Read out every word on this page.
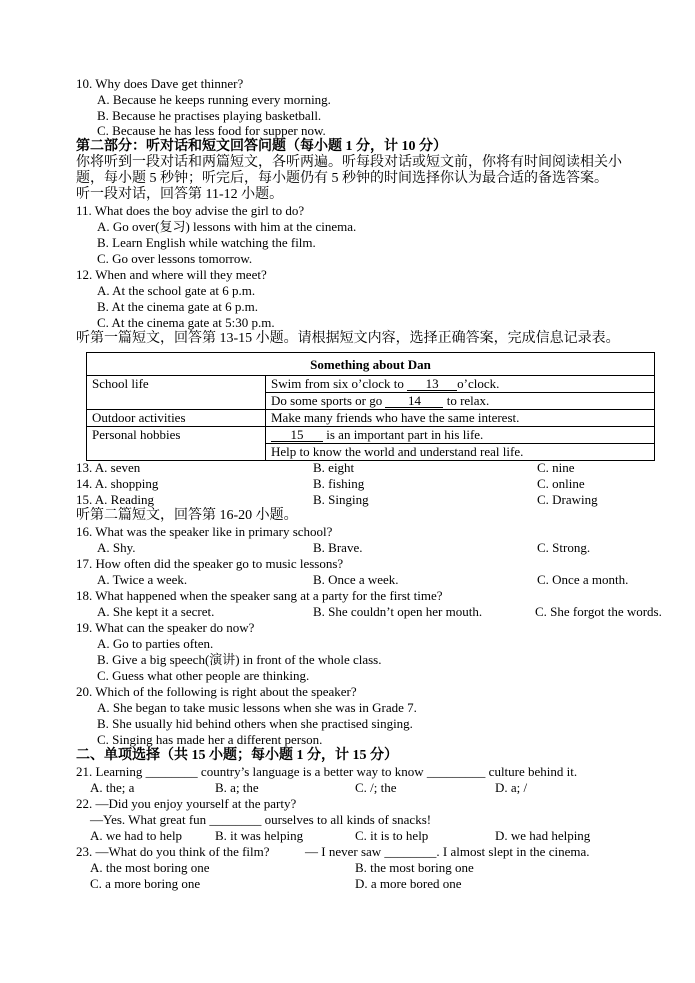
10. Why does Dave get thinner?
A. Because he keeps running every morning.
B. Because he practises playing basketball.
C. Because he has less food for supper now.
第二部分：听对话和短文回答问题（每小题 1 分，计 10 分）
你将听到一段对话和两篇短文，各听两遍。听每段对话或短文前，你将有时间阅读相关小
题，每小题 5 秒钟；听完后，每小题仍有 5 秒钟的时间选择你认为最合适的备选答案。
听一段对话，回答第 11-12 小题。
11. What does the boy advise the girl to do?
A. Go over(复习) lessons with him at the cinema.
B. Learn English while watching the film.
C. Go over lessons tomorrow.
12. When and where will they meet?
A. At the school gate at 6 p.m.
B. At the cinema gate at 6 p.m.
C. At the cinema gate at 5:30 p.m.
听第一篇短文，回答第 13-15 小题。请根据短文内容，选择正确答案，完成信息记录表。
Something about Dan	
School life	Swim from six o’clock to 13 o’clock.
	Do some sports or go 14 to relax.
Outdoor activities	Make many friends who have the same interest.
Personal hobbies	15 is an important part in his life.
	Help to know the world and understand real life.
13. A. seven	B. eight	C. nine
14. A. shopping	B. fishing	C. online
15. A. Reading	B. Singing	C. Drawing
听第二篇短文，回答第 16-20 小题。
16. What was the speaker like in primary school?
A. Shy.	B. Brave.	C. Strong.
17. How often did the speaker go to music lessons?
A. Twice a week.	B. Once a week.	C. Once a month.
18. What happened when the speaker sang at a party for the first time?
A. She kept it a secret.	B. She couldn’t open her mouth.	C. She forgot the words.
19. What can the speaker do now?
A. Go to parties often.
B. Give a big speech(演讲) in front of the whole class.
C. Guess what other people are thinking.
20. Which of the following is right about the speaker?
A. She began to take music lessons when she was in Grade 7.
B. She usually hid behind others when she practised singing.
C. Singing has made her a different person.
二、单项选择（共 15 小题；每小题 1 分，计 15 分）
21. Learning ________ country’s language is a better way to know _________ culture behind it.
A. the; a	B. a; the	C. /; the	D. a; /
22. —Did you enjoy yourself at the party?
—Yes. What great fun ________ ourselves to all kinds of snacks!
A. we had to help	B. it was helping	C. it is to help	D. we had helping
23. —What do you think of the film?	— I never saw ________. I almost slept in the cinema.
A. the most boring one	B. the most boring one
C. a more boring one	D. a more bored one
